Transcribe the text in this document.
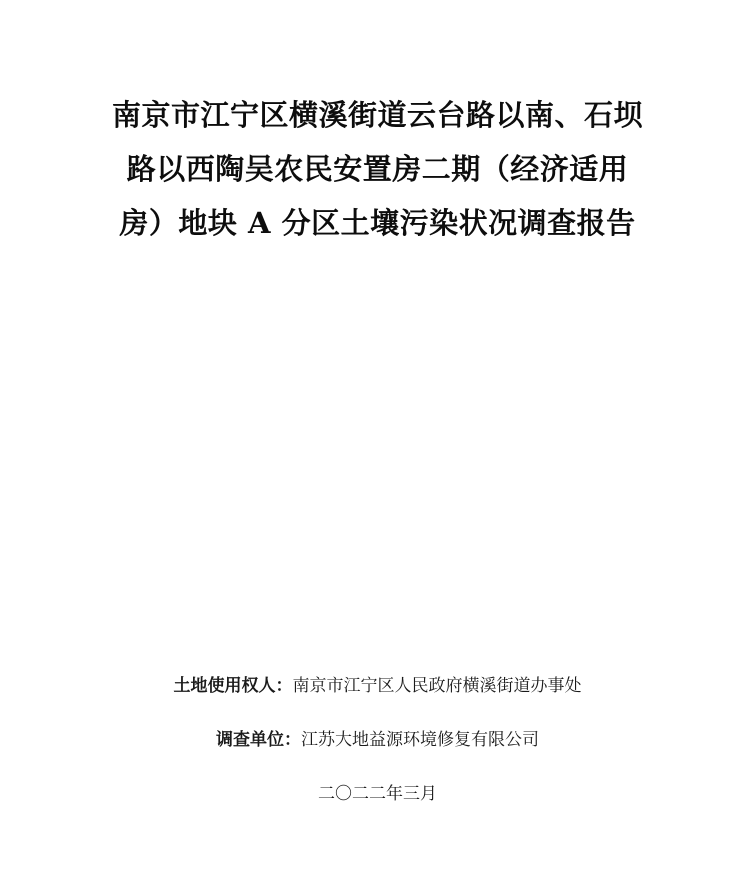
南京市江宁区横溪街道云台路以南、石坝
路以西陶吴农民安置房二期（经济适用
房）地块 A 分区土壤污染状况调查报告
土地使用权人：南京市江宁区人民政府横溪街道办事处
调查单位：江苏大地益源环境修复有限公司
二〇二二年三月
